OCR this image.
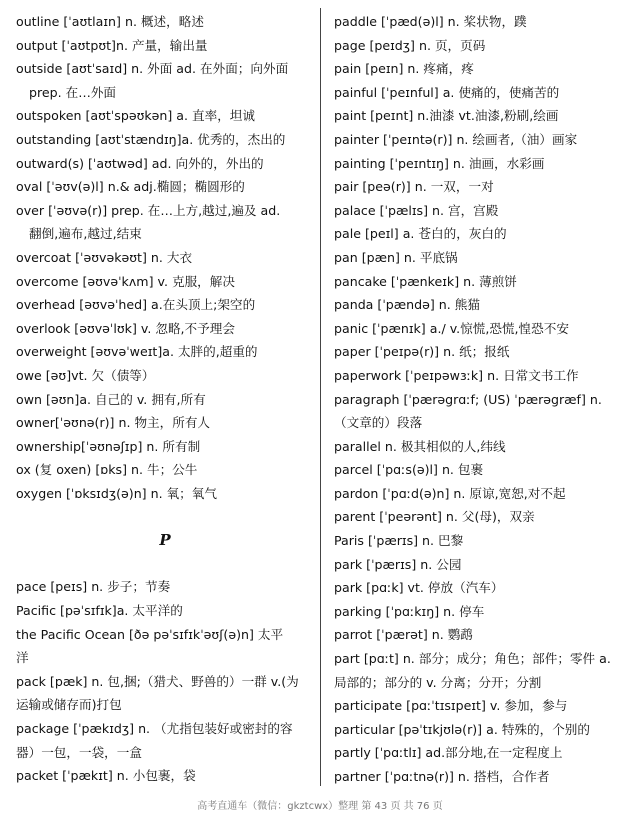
outline [ˈaʊtlaɪn] n. 概述，略述
output [ˈaʊtpʊt]n. 产量，输出量
outside [aʊtˈsaɪd] n. 外面 ad. 在外面；向外面
prep. 在…外面
outspoken [aʊtˈspəʊkən] a. 直率，坦诚
outstanding [aʊtˈstændɪŋ]a. 优秀的，杰出的
outward(s) [ˈaʊtwəd] ad. 向外的，外出的
oval [ˈəʊv(ə)l] n.& adj.椭圆；椭圆形的
over [ˈəʊvə(r)] prep. 在…上方,越过,遍及 ad.
翻倒,遍布,越过,结束
overcoat [ˈəʊvəkəʊt] n. 大衣
overcome [əʊvəˈkʌm] v. 克服，解决
overhead [əʊvəˈhed] a.在头顶上;架空的
overlook [əʊvəˈlʊk] v. 忽略,不予理会
overweight [əʊvəˈweɪt]a. 太胖的,超重的
owe [əʊ]vt. 欠（债等）
own [əʊn]a. 自己的 v. 拥有,所有
owner[ˈəʊnə(r)] n. 物主，所有人
ownership[ˈəʊnəʃɪp] n. 所有制
ox (复 oxen) [ɒks] n. 牛；公牛
oxygen [ˈɒksɪdʒ(ə)n] n. 氧；氧气
P
pace [peɪs] n. 步子；节奏
Pacific [pəˈsɪfɪk]a. 太平洋的
the Pacific Ocean [ðə pəˈsɪfɪkˈəʊʃ(ə)n] 太平
洋
pack [pæk] n. 包,捆;（猎犬、野兽的）一群 v.(为
运输或储存而)打包
package [ˈpækɪdʒ] n. （尤指包装好或密封的容
器）一包，一袋，一盒
packet [ˈpækɪt] n. 小包裹，袋
paddle [ˈpæd(ə)l] n. 桨状物，蹼
page [peɪdʒ] n. 页，页码
pain [peɪn] n. 疼痛，疼
painful [ˈpeɪnful] a. 使痛的，使痛苦的
paint [peɪnt] n.油漆 vt.油漆,粉刷,绘画
painter [ˈpeɪntə(r)] n. 绘画者,（油）画家
painting [ˈpeɪntɪŋ] n. 油画，水彩画
pair [peə(r)] n. 一双，一对
palace [ˈpælɪs] n. 宫，宫殿
pale [peɪl] a. 苍白的，灰白的
pan [pæn] n. 平底锅
pancake [ˈpænkeɪk] n. 薄煎饼
panda [ˈpændə] n. 熊猫
panic [ˈpænɪk] a./ v.惊慌,恐慌,惶恐不安
paper [ˈpeɪpə(r)] n. 纸；报纸
paperwork [ˈpeɪpəwɜːk] n. 日常文书工作
paragraph [ˈpærəgrɑːf; (US) ˈpærəgræf] n.
（文章的）段落
parallel n. 极其相似的人,纬线
parcel [ˈpɑːs(ə)l] n. 包裹
pardon [ˈpɑːd(ə)n] n. 原谅,宽恕,对不起
parent [ˈpeərənt] n. 父(母)，双亲
Paris [ˈpærɪs] n. 巴黎
park [ˈpærɪs] n. 公园
park [pɑːk] vt. 停放（汽车）
parking [ˈpɑːkɪŋ] n. 停车
parrot [ˈpærət] n. 鹦鹉
part [pɑːt] n. 部分；成分；角色；部件；零件 a.
局部的；部分的 v. 分离；分开；分割
participate [pɑːˈtɪsɪpeɪt] v. 参加，参与
particular [pəˈtɪkjʊlə(r)] a. 特殊的，个别的
partly [ˈpɑːtlɪ] ad.部分地,在一定程度上
partner [ˈpɑːtnə(r)] n. 搭档，合作者
高考直通车（微信：gkztcwx）整理 第 43 页 共 76 页
